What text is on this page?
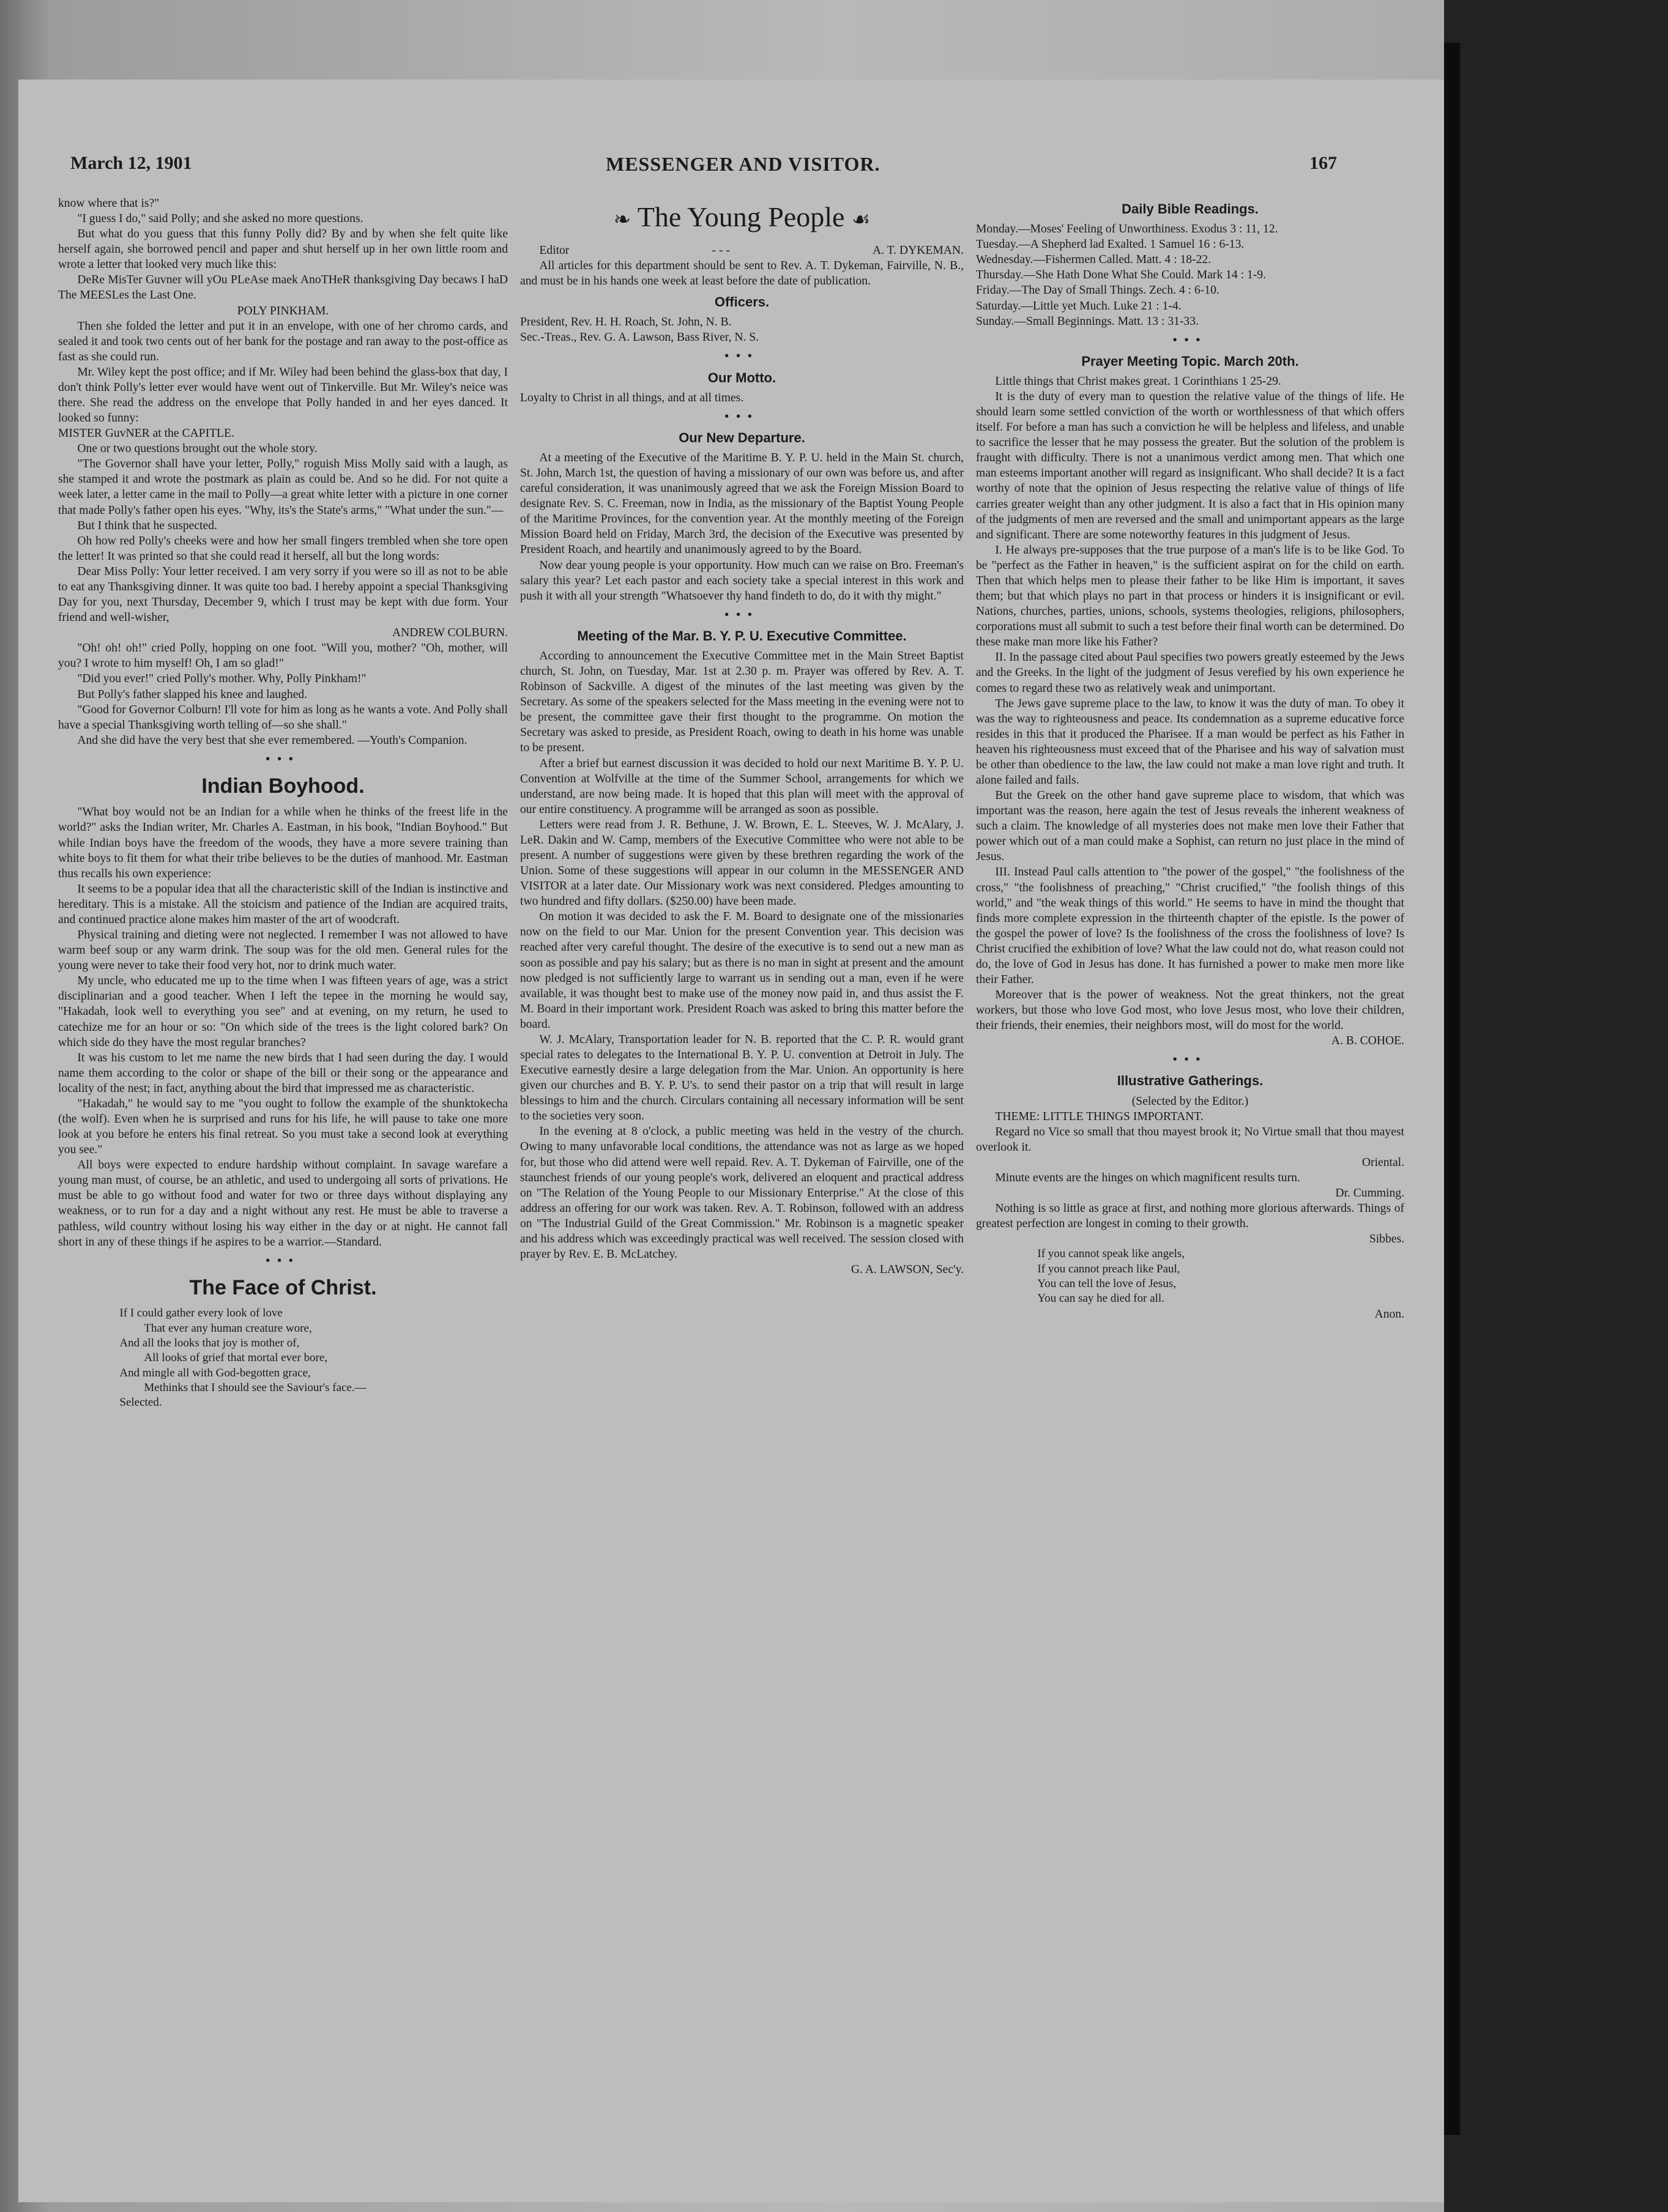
March 12, 1901	MESSENGER AND VISITOR.	167

know where that is?"

"I guess I do," said Polly; and she asked no more questions.

But what do you guess that this funny Polly did? By and by when she felt quite like herself again, she borrowed pencil and paper and shut herself up in her own little room and wrote a letter that looked very much like this:

DeRe MisTer Guvner will yOu PLeAse maek AnoTHeR thanksgiving Day becaws I haD The MEESLes the Last One.

POLY PINKHAM.

Then she folded the letter and put it in an envelope, with one of her chromo cards, and sealed it and took two cents out of her bank for the postage and ran away to the post-office as fast as she could run.

Mr. Wiley kept the post office; and if Mr. Wiley had been behind the glass-box that day, I don't think Polly's letter ever would have went out of Tinkerville. But Mr. Wiley's neice was there. She read the address on the envelope that Polly handed in and her eyes danced. It looked so funny:

MISTER GuvNER at the CAPITLE.

One or two questions brought out the whole story.

"The Governor shall have your letter, Polly," roguish Miss Molly said with a laugh, as she stamped it and wrote the postmark as plain as could be. And so he did. For not quite a week later, a letter came in the mail to Polly—a great white letter with a picture in one corner that made Polly's father open his eyes. "Why, its's the State's arms," "What under the sun."—

But I think that he suspected.

Oh how red Polly's cheeks were and how her small fingers trembled when she tore open the letter! It was printed so that she could read it herself, all but the long words:

Dear Miss Polly: Your letter received. I am very sorry if you were so ill as not to be able to eat any Thanksgiving dinner. It was quite too bad. I hereby appoint a special Thanksgiving Day for you, next Thursday, December 9, which I trust may be kept with due form. Your friend and well-wisher,

ANDREW COLBURN.

"Oh! oh! oh!" cried Polly, hopping on one foot. "Will you, mother? "Oh, mother, will you? I wrote to him myself! Oh, I am so glad!"

"Did you ever!" cried Polly's mother. Why, Polly Pinkham!"

But Polly's father slapped his knee and laughed.

"Good for Governor Colburn! I'll vote for him as long as he wants a vote. And Polly shall have a special Thanksgiving worth telling of—so she shall."

And she did have the very best that she ever remembered. —Youth's Companion.

•••
Indian Boyhood.

"What boy would not be an Indian for a while when he thinks of the freest life in the world?" asks the Indian writer, Mr. Charles A. Eastman, in his book, "Indian Boyhood." But while Indian boys have the freedom of the woods, they have a more severe training than white boys to fit them for what their tribe believes to be the duties of manhood. Mr. Eastman thus recalls his own experience:

It seems to be a popular idea that all the characteristic skill of the Indian is instinctive and hereditary. This is a mistake. All the stoicism and patience of the Indian are acquired traits, and continued practice alone makes him master of the art of woodcraft.

Physical training and dieting were not neglected. I remember I was not allowed to have warm beef soup or any warm drink. The soup was for the old men. General rules for the young were never to take their food very hot, nor to drink much water.

My uncle, who educated me up to the time when I was fifteen years of age, was a strict disciplinarian and a good teacher. When I left the tepee in the morning he would say, "Hakadah, look well to everything you see" and at evening, on my return, he used to catechize me for an hour or so: "On which side of the trees is the light colored bark? On which side do they have the most regular branches?

It was his custom to let me name the new birds that I had seen during the day. I would name them according to the color or shape of the bill or their song or the appearance and locality of the nest; in fact, anything about the bird that impressed me as characteristic.

"Hakadah," he would say to me "you ought to follow the example of the shunktokecha (the wolf). Even when he is surprised and runs for his life, he will pause to take one more look at you before he enters his final retreat. So you must take a second look at everything you see."

All boys were expected to endure hardship without complaint. In savage warefare a young man must, of course, be an athletic, and used to undergoing all sorts of privations. He must be able to go without food and water for two or three days without displaying any weakness, or to run for a day and a night without any rest. He must be able to traverse a pathless, wild country without losing his way either in the day or at night. He cannot fall short in any of these things if he aspires to be a warrior.—Standard.

•••
The Face of Christ.

If I could gather every look of love

That ever any human creature wore,

And all the looks that joy is mother of,

All looks of grief that mortal ever bore,

And mingle all with God-begotten grace,

Methinks that I should see the Saviour's face.—

Selected.

❧ The Young People ☙

Editor	- - -	A. T. DYKEMAN.

All articles for this department should be sent to Rev. A. T. Dykeman, Fairville, N. B., and must be in his hands one week at least before the date of publication.

Officers.

President, Rev. H. H. Roach, St. John, N. B.

Sec.-Treas., Rev. G. A. Lawson, Bass River, N. S.

•••
Our Motto.

Loyalty to Christ in all things, and at all times.

•••
Our New Departure.

At a meeting of the Executive of the Maritime B. Y. P. U. held in the Main St. church, St. John, March 1st, the question of having a missionary of our own was before us, and after careful consideration, it was unanimously agreed that we ask the Foreign Mission Board to designate Rev. S. C. Freeman, now in India, as the missionary of the Baptist Young People of the Maritime Provinces, for the convention year. At the monthly meeting of the Foreign Mission Board held on Friday, March 3rd, the decision of the Executive was presented by President Roach, and heartily and unanimously agreed to by the Board.

Now dear young people is your opportunity. How much can we raise on Bro. Freeman's salary this year? Let each pastor and each society take a special interest in this work and push it with all your strength "Whatsoever thy hand findeth to do, do it with thy might."

•••
Meeting of the Mar. B. Y. P. U. Executive Committee.

According to announcement the Executive Committee met in the Main Street Baptist church, St. John, on Tuesday, Mar. 1st at 2.30 p. m. Prayer was offered by Rev. A. T. Robinson of Sackville. A digest of the minutes of the last meeting was given by the Secretary. As some of the speakers selected for the Mass meeting in the evening were not to be present, the committee gave their first thought to the programme. On motion the Secretary was asked to preside, as President Roach, owing to death in his home was unable to be present.

After a brief but earnest discussion it was decided to hold our next Maritime B. Y. P. U. Convention at Wolfville at the time of the Summer School, arrangements for which we understand, are now being made. It is hoped that this plan will meet with the approval of our entire constituency. A programme will be arranged as soon as possible.

Letters were read from J. R. Bethune, J. W. Brown, E. L. Steeves, W. J. McAlary, J. LeR. Dakin and W. Camp, members of the Executive Committee who were not able to be present. A number of suggestions were given by these brethren regarding the work of the Union. Some of these suggestions will appear in our column in the MESSENGER AND VISITOR at a later date. Our Missionary work was next considered. Pledges amounting to two hundred and fifty dollars. ($250.00) have been made.

On motion it was decided to ask the F. M. Board to designate one of the missionaries now on the field to our Mar. Union for the present Convention year. This decision was reached after very careful thought. The desire of the executive is to send out a new man as soon as possible and pay his salary; but as there is no man in sight at present and the amount now pledged is not sufficiently large to warrant us in sending out a man, even if he were available, it was thought best to make use of the money now paid in, and thus assist the F. M. Board in their important work. President Roach was asked to bring this matter before the board.

W. J. McAlary, Transportation leader for N. B. reported that the C. P. R. would grant special rates to delegates to the International B. Y. P. U. convention at Detroit in July. The Executive earnestly desire a large delegation from the Mar. Union. An opportunity is here given our churches and B. Y. P. U's. to send their pastor on a trip that will result in large blessings to him and the church. Circulars containing all necessary information will be sent to the societies very soon.

In the evening at 8 o'clock, a public meeting was held in the vestry of the church. Owing to many unfavorable local conditions, the attendance was not as large as we hoped for, but those who did attend were well repaid. Rev. A. T. Dykeman of Fairville, one of the staunchest friends of our young people's work, delivered an eloquent and practical address on "The Relation of the Young People to our Missionary Enterprise." At the close of this address an offering for our work was taken. Rev. A. T. Robinson, followed with an address on "The Industrial Guild of the Great Commission." Mr. Robinson is a magnetic speaker and his address which was exceedingly practical was well received. The session closed with prayer by Rev. E. B. McLatchey.

G. A. LAWSON, Sec'y.

Daily Bible Readings.

Monday.—Moses' Feeling of Unworthiness. Exodus 3 : 11, 12.

Tuesday.—A Shepherd lad Exalted. 1 Samuel 16 : 6-13.

Wednesday.—Fishermen Called. Matt. 4 : 18-22.

Thursday.—She Hath Done What She Could. Mark 14 : 1-9.

Friday.—The Day of Small Things. Zech. 4 : 6-10.

Saturday.—Little yet Much. Luke 21 : 1-4.

Sunday.—Small Beginnings. Matt. 13 : 31-33.

•••
Prayer Meeting Topic. March 20th.

Little things that Christ makes great. 1 Corinthians 1 25-29.

It is the duty of every man to question the relative value of the things of life. He should learn some settled conviction of the worth or worthlessness of that which offers itself. For before a man has such a conviction he will be helpless and lifeless, and unable to sacrifice the lesser that he may possess the greater. But the solution of the problem is fraught with difficulty. There is not a unanimous verdict among men. That which one man esteems important another will regard as insignificant. Who shall decide? It is a fact worthy of note that the opinion of Jesus respecting the relative value of things of life carries greater weight than any other judgment. It is also a fact that in His opinion many of the judgments of men are reversed and the small and unimportant appears as the large and significant. There are some noteworthy features in this judgment of Jesus.

I. He always pre-supposes that the true purpose of a man's life is to be like God. To be "perfect as the Father in heaven," is the sufficient aspirat on for the child on earth. Then that which helps men to please their father to be like Him is important, it saves them; but that which plays no part in that process or hinders it is insignificant or evil. Nations, churches, parties, unions, schools, systems theologies, religions, philosophers, corporations must all submit to such a test before their final worth can be determined. Do these make man more like his Father?

II. In the passage cited about Paul specifies two powers greatly esteemed by the Jews and the Greeks. In the light of the judgment of Jesus verefied by his own experience he comes to regard these two as relatively weak and unimportant.

The Jews gave supreme place to the law, to know it was the duty of man. To obey it was the way to righteousness and peace. Its condemnation as a supreme educative force resides in this that it produced the Pharisee. If a man would be perfect as his Father in heaven his righteousness must exceed that of the Pharisee and his way of salvation must be other than obedience to the law, the law could not make a man love right and truth. It alone failed and fails.

But the Greek on the other hand gave supreme place to wisdom, that which was important was the reason, here again the test of Jesus reveals the inherent weakness of such a claim. The knowledge of all mysteries does not make men love their Father that power which out of a man could make a Sophist, can return no just place in the mind of Jesus.

III. Instead Paul calls attention to "the power of the gospel," "the foolishness of the cross," "the foolishness of preaching," "Christ crucified," "the foolish things of this world," and "the weak things of this world." He seems to have in mind the thought that finds more complete expression in the thirteenth chapter of the epistle. Is the power of the gospel the power of love? Is the foolishness of the cross the foolishness of love? Is Christ crucified the exhibition of love? What the law could not do, what reason could not do, the love of God in Jesus has done. It has furnished a power to make men more like their Father.

Moreover that is the power of weakness. Not the great thinkers, not the great workers, but those who love God most, who love Jesus most, who love their children, their friends, their enemies, their neighbors most, will do most for the world.

A. B. COHOE.

•••
Illustrative Gatherings.

(Selected by the Editor.)

THEME: LITTLE THINGS IMPORTANT.

Regard no Vice so small that thou mayest brook it; No Virtue small that thou mayest overlook it.

Oriental.

Minute events are the hinges on which magnificent results turn.

Dr. Cumming.

Nothing is so little as grace at first, and nothing more glorious afterwards. Things of greatest perfection are longest in coming to their growth.

Sibbes.

If you cannot speak like angels,

If you cannot preach like Paul,

You can tell the love of Jesus,

You can say he died for all.

Anon.
